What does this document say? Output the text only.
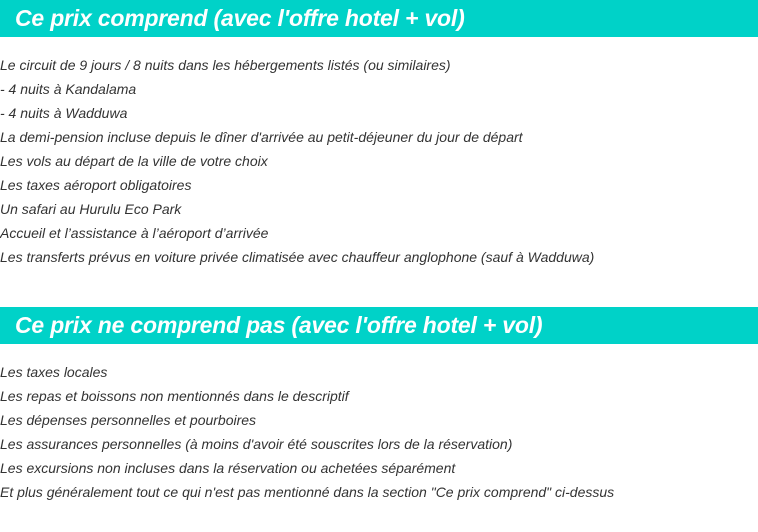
Ce prix comprend (avec l'offre hotel + vol)
Le circuit de 9 jours / 8 nuits dans les hébergements listés (ou similaires)
- 4 nuits à Kandalama
- 4 nuits à Wadduwa
La demi-pension incluse depuis le dîner d'arrivée au petit-déjeuner du jour de départ
Les vols au départ de la ville de votre choix
Les taxes aéroport obligatoires
Un safari au Hurulu Eco Park
Accueil et l’assistance à l’aéroport d’arrivée
Les transferts prévus en voiture privée climatisée avec chauffeur anglophone (sauf à Wadduwa)
Ce prix ne comprend pas (avec l'offre hotel + vol)
Les taxes locales
Les repas et boissons non mentionnés dans le descriptif
Les dépenses personnelles et pourboires
Les assurances personnelles (à moins d'avoir été souscrites lors de la réservation)
Les excursions non incluses dans la réservation ou achetées séparément
Et plus généralement tout ce qui n'est pas mentionné dans la section "Ce prix comprend" ci-dessus
